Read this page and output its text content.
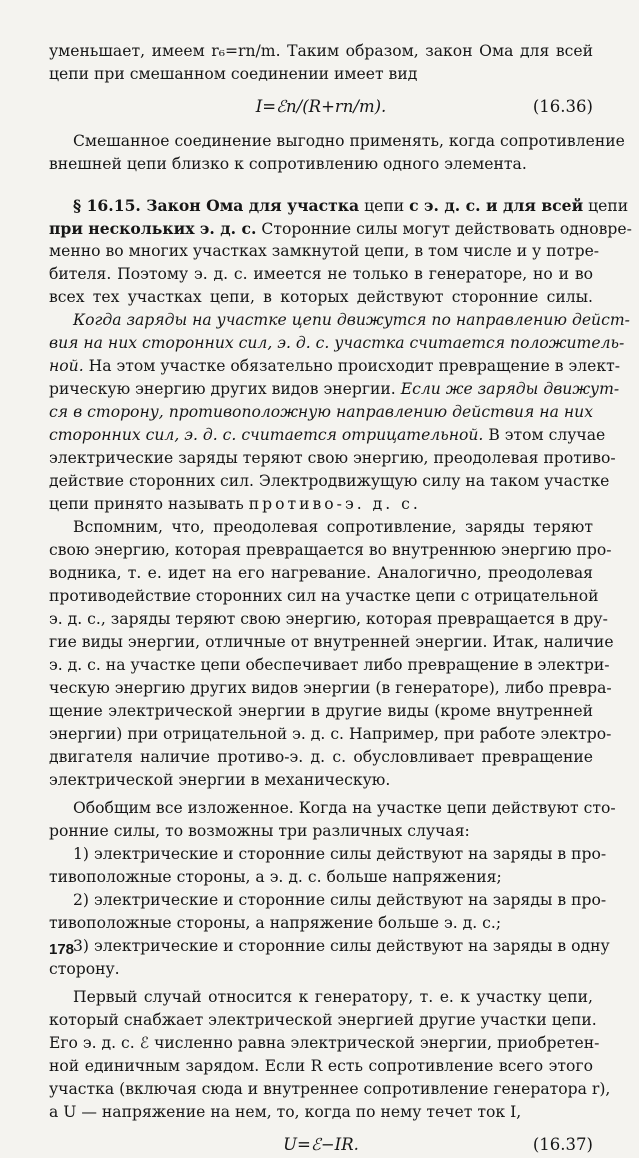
уменьшает, имеем r₆=rn/m. Таким образом, закон Ома для всей
цепи при смешанном соединении имеет вид
I=ℰn/(R+rn/m).	(16.36)
Смешанное соединение выгодно применять, когда сопротивление
внешней цепи близко к сопротивлению одного элемента.
§ 16.15. Закон Ома для участка цепи с э. д. с. и для всей цепи
при нескольких э. д. с. Сторонние силы могут действовать одновре-
менно во многих участках замкнутой цепи, в том числе и у потре-
бителя. Поэтому э. д. с. имеется не только в генераторе, но и во
всех тех участках цепи, в которых действуют сторонние силы.
Когда заряды на участке цепи движутся по направлению дейст-
вия на них сторонних сил, э. д. с. участка считается положитель-
ной. На этом участке обязательно происходит превращение в элект-
рическую энергию других видов энергии. Если же заряды движут-
ся в сторону, противоположную направлению действия на них
сторонних сил, э. д. с. считается отрицательной. В этом случае
электрические заряды теряют свою энергию, преодолевая противо-
действие сторонних сил. Электродвижущую силу на таком участке
цепи принято называть противо-э. д. с.
Вспомним, что, преодолевая сопротивление, заряды теряют
свою энергию, которая превращается во внутреннюю энергию про-
водника, т. е. идет на его нагревание. Аналогично, преодолевая
противодействие сторонних сил на участке цепи с отрицательной
э. д. с., заряды теряют свою энергию, которая превращается в дру-
гие виды энергии, отличные от внутренней энергии. Итак, наличие
э. д. с. на участке цепи обеспечивает либо превращение в электри-
ческую энергию других видов энергии (в генераторе), либо превра-
щение электрической энергии в другие виды (кроме внутренней
энергии) при отрицательной э. д. с. Например, при работе электро-
двигателя наличие противо-э. д. с. обусловливает превращение
электрической энергии в механическую.
Обобщим все изложенное. Когда на участке цепи действуют сто-
ронние силы, то возможны три различных случая:
1) электрические и сторонние силы действуют на заряды в про-
тивоположные стороны, а э. д. с. больше напряжения;
2) электрические и сторонние силы действуют на заряды в про-
тивоположные стороны, а напряжение больше э. д. с.;
3) электрические и сторонние силы действуют на заряды в одну
сторону.
Первый случай относится к генератору, т. е. к участку цепи,
который снабжает электрической энергией другие участки цепи.
Его э. д. с. ℰ численно равна электрической энергии, приобретен-
ной единичным зарядом. Если R есть сопротивление всего этого
участка (включая сюда и внутреннее сопротивление генератора r),
а U — напряжение на нем, то, когда по нему течет ток I,
U=ℰ−IR.	(16.37)
178
